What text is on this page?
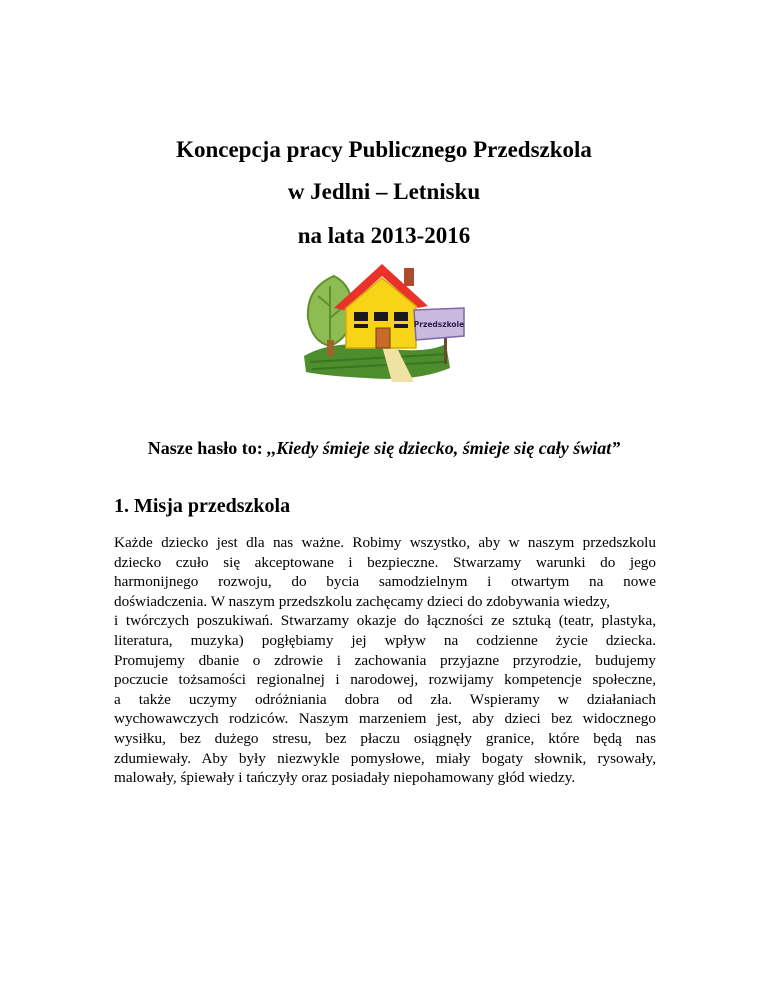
Koncepcja pracy Publicznego Przedszkola
w Jedlni – Letnisku
na lata 2013-2016
Przedszkole
Nasze hasło to: ,,Kiedy śmieje się dziecko, śmieje się cały świat”
1. Misja przedszkola
Każde dziecko jest dla nas ważne. Robimy wszystko, aby w naszym przedszkolu
dziecko czuło się akceptowane i bezpieczne. Stwarzamy warunki do jego
harmonijnego rozwoju, do bycia samodzielnym i otwartym na nowe
doświadczenia. W naszym przedszkolu zachęcamy dzieci do zdobywania wiedzy,
i twórczych poszukiwań. Stwarzamy okazje do łączności ze sztuką (teatr, plastyka,
literatura, muzyka) pogłębiamy jej wpływ na codzienne życie dziecka.
Promujemy dbanie o zdrowie i zachowania przyjazne przyrodzie, budujemy
poczucie tożsamości regionalnej i narodowej, rozwijamy kompetencje społeczne,
a także uczymy odróżniania dobra od zła. Wspieramy w działaniach
wychowawczych rodziców. Naszym marzeniem jest, aby dzieci bez widocznego
wysiłku, bez dużego stresu, bez płaczu osiągnęły granice, które będą nas
zdumiewały. Aby były niezwykle pomysłowe, miały bogaty słownik, rysowały,
malowały, śpiewały i tańczyły oraz posiadały niepohamowany głód wiedzy.
